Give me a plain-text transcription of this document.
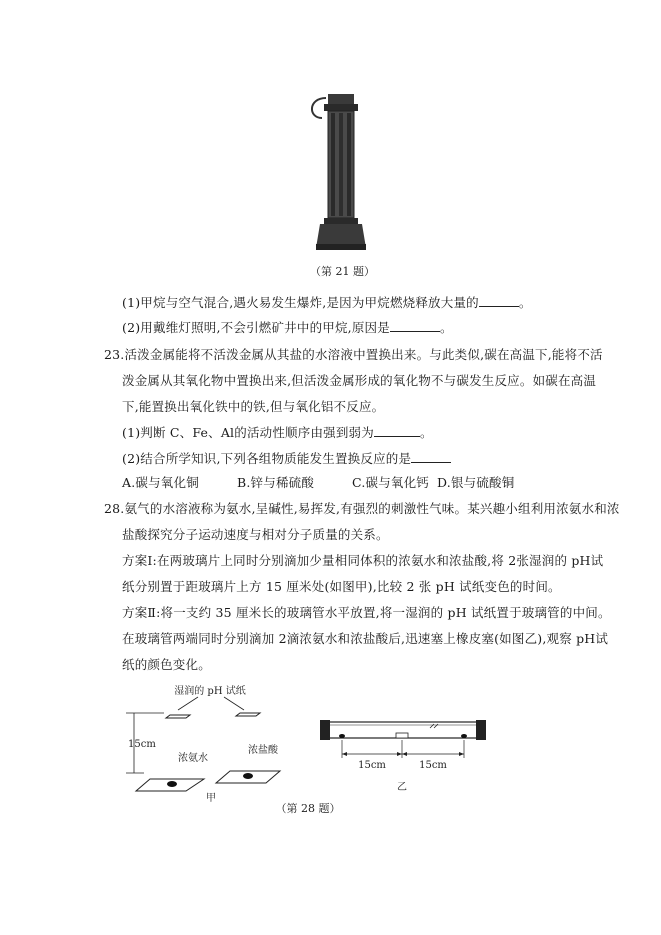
（第 21 题）
(1)甲烷与空气混合,遇火易发生爆炸,是因为甲烷燃烧释放大量的	。
(2)用戴维灯照明,不会引燃矿井中的甲烷,原因是	。
23.活泼金属能将不活泼金属从其盐的水溶液中置换出来。与此类似,碳在高温下,能将不活
泼金属从其氧化物中置换出来,但活泼金属形成的氧化物不与碳发生反应。如碳在高温
下,能置换出氧化铁中的铁,但与氧化铝不反应。
(1)判断 C、Fe、Al的活动性顺序由强到弱为	。
(2)结合所学知识,下列各组物质能发生置换反应的是
A.碳与氧化铜	B.锌与稀硫酸	C.碳与氧化钙 D.银与硫酸铜
28.氨气的水溶液称为氨水,呈碱性,易挥发,有强烈的刺激性气味。某兴趣小组利用浓氨水和浓
盐酸探究分子运动速度与相对分子质量的关系。
方案Ⅰ:在两玻璃片上同时分别滴加少量相同体积的浓氨水和浓盐酸,将 2张湿润的 pH试
纸分别置于距玻璃片上方 15 厘米处(如图甲),比较 2 张 pH 试纸变色的时间。
方案Ⅱ:将一支约 35 厘米长的玻璃管水平放置,将一湿润的 pH 试纸置于玻璃管的中间。
在玻璃管两端同时分别滴加 2滴浓氨水和浓盐酸后,迅速塞上橡皮塞(如图乙),观察 pH试
纸的颜色变化。
湿润的 pH 试纸
15cm
浓氨水
浓盐酸
甲
15cm	15cm
乙
（第 28 题）
